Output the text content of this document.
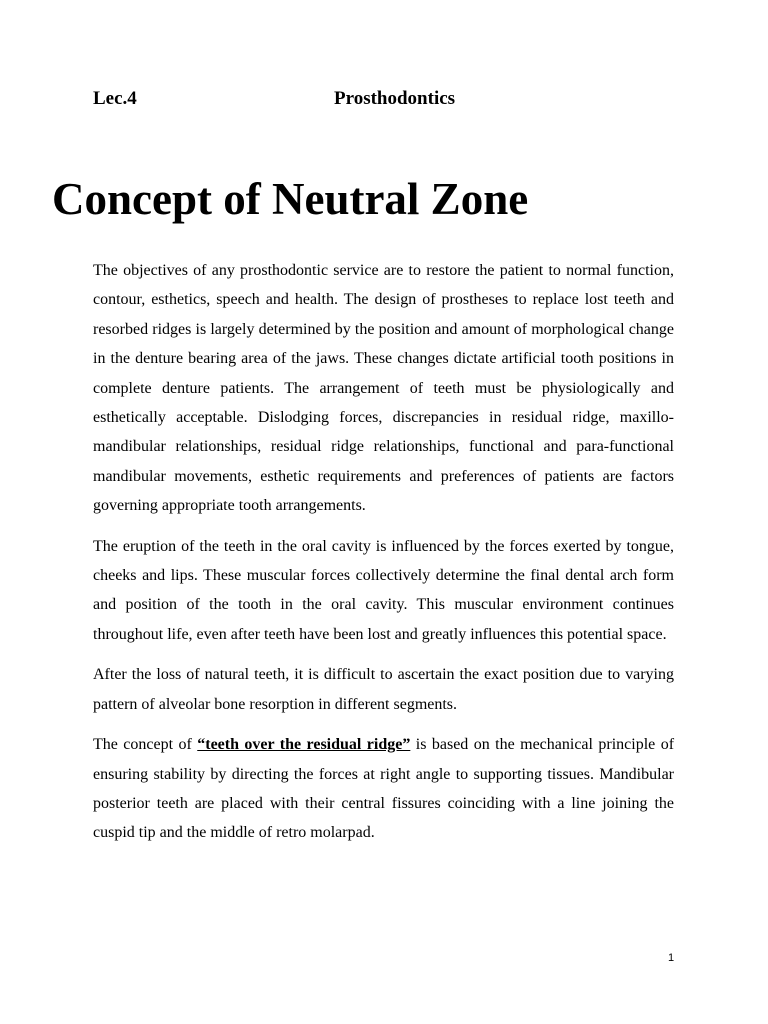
Lec.4	Prosthodontics
Concept of Neutral Zone

The objectives of any prosthodontic service are to restore the patient to normal function, contour, esthetics, speech and health. The design of prostheses to replace lost teeth and resorbed ridges is largely determined by the position and amount of morphological change in the denture bearing area of the jaws. These changes dictate artificial tooth positions in complete denture patients. The arrangement of teeth must be physiologically and esthetically acceptable. Dislodging forces, discrepancies in residual ridge, maxillo-mandibular relationships, residual ridge relationships, functional and para-functional mandibular movements, esthetic requirements and preferences of patients are factors governing appropriate tooth arrangements.

The eruption of the teeth in the oral cavity is influenced by the forces exerted by tongue, cheeks and lips. These muscular forces collectively determine the final dental arch form and position of the tooth in the oral cavity. This muscular environment continues throughout life, even after teeth have been lost and greatly influences this potential space.

After the loss of natural teeth, it is difficult to ascertain the exact position due to varying pattern of alveolar bone resorption in different segments.

The concept of “teeth over the residual ridge” is based on the mechanical principle of ensuring stability by directing the forces at right angle to supporting tissues. Mandibular posterior teeth are placed with their central fissures coinciding with a line joining the cuspid tip and the middle of retro molarpad.

1
